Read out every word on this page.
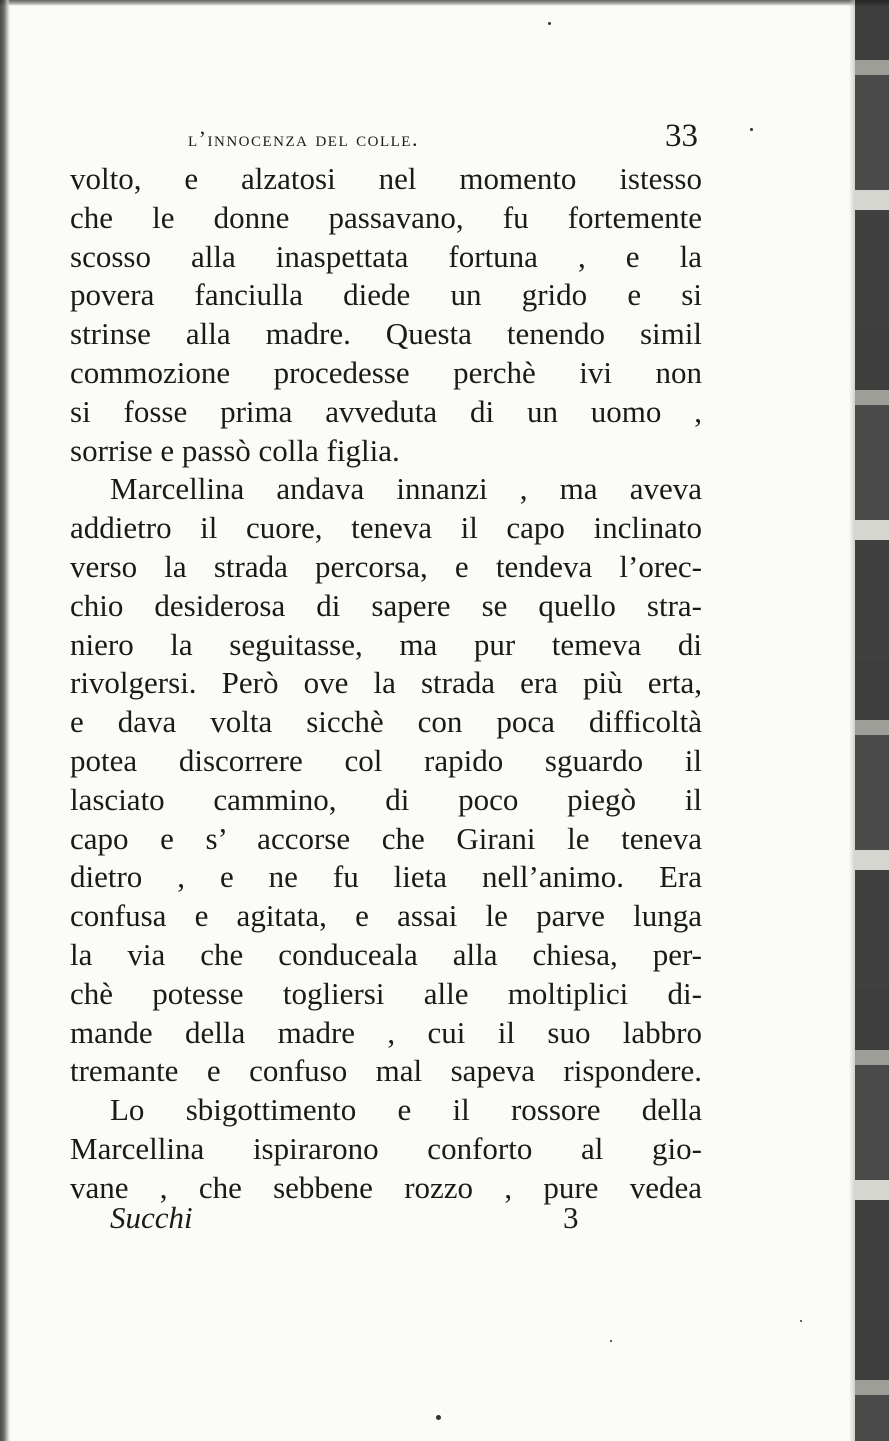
l’innocenza del colle.	33
volto, e alzatosi nel momento istesso
che le donne passavano, fu fortemente
scosso alla inaspettata fortuna , e la
povera fanciulla diede un grido e si
strinse alla madre. Questa tenendo simil
commozione procedesse perchè ivi non
si fosse prima avveduta di un uomo ,
sorrise e passò colla figlia.
Marcellina andava innanzi , ma aveva
addietro il cuore, teneva il capo inclinato
verso la strada percorsa, e tendeva l’orec-
chio desiderosa di sapere se quello stra-
niero la seguitasse, ma pur temeva di
rivolgersi. Però ove la strada era più erta,
e dava volta sicchè con poca difficoltà
potea discorrere col rapido sguardo il
lasciato cammino, di poco piegò il
capo e s’ accorse che Girani le teneva
dietro , e ne fu lieta nell’animo. Era
confusa e agitata, e assai le parve lunga
la via che conduceala alla chiesa, per-
chè potesse togliersi alle moltiplici di-
mande della madre , cui il suo labbro
tremante e confuso mal sapeva rispondere.
Lo sbigottimento e il rossore della
Marcellina ispirarono conforto al gio-
vane , che sebbene rozzo , pure vedea
Succhi	3
